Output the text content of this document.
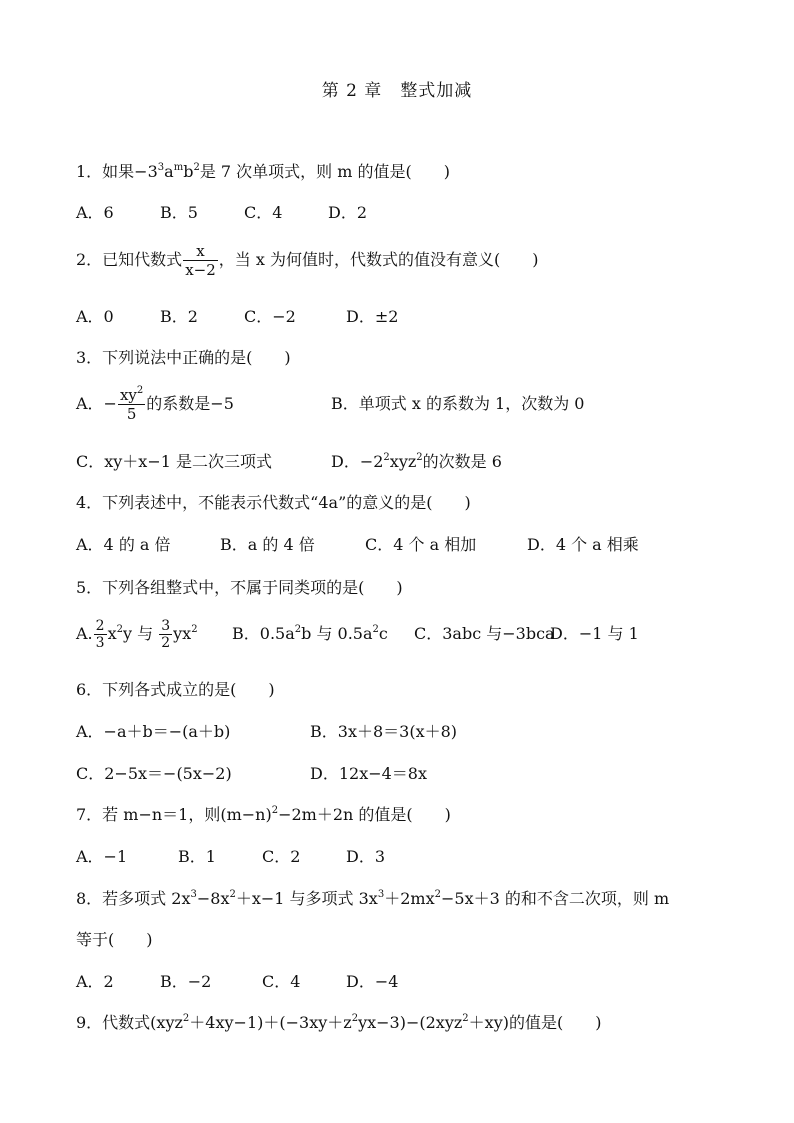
第 2 章 整式加减
1．如果$-3^3a^mb^2$是 7 次单项式，则 m 的值是(　　)
A．6	B．5	C．4	D．2
2．已知代数式 $\frac{x}{x-2}$ ，当 x 为何值时，代数式的值没有意义(　　)
A．0	B．2	C．−2	D．±2
3．下列说法中正确的是(　　)
A．− $\frac{xy^2}{5}$ 的系数是−5	B．单项式 x 的系数为 1，次数为 0
C．xy＋x−1 是二次三项式	D．$-2^2xyz^2$的次数是 6
4．下列表述中，不能表示代数式“4a”的意义的是(　　)
A．4 的 a 倍	B．a 的 4 倍	C．4 个 a 相加	D．4 个 a 相乘
5．下列各组整式中，不属于同类项的是(　　)
A. $\frac{2}{3} x^2y$ 与 $\frac{3}{2} yx^2$ B．$0.5a^2b$ 与 $0.5a^2c$ C．3abc 与−3bcaD．−1 与 1
6．下列各式成立的是(　　)
A．−a＋b＝−(a＋b)	B．3x＋8＝3(x＋8)
C．2−5x＝−(5x−2)	D．12x−4＝8x
7．若 m−n＝1，则$(m-n)^2-2m+2n$ 的值是(　　)
A．−1	B．1	C．2	D．3
8．若多项式 $2x^3-8x^2+x-1$ 与多项式 $3x^3+2mx^2-5x+3$ 的和不含二次项，则 m
等于(　　)
A．2	B．−2	C．4	D．−4
9．代数式$(xyz^2+4xy-1)+(-3xy+z^2yx-3)-(2xyz^2+xy)$的值是(　　)
